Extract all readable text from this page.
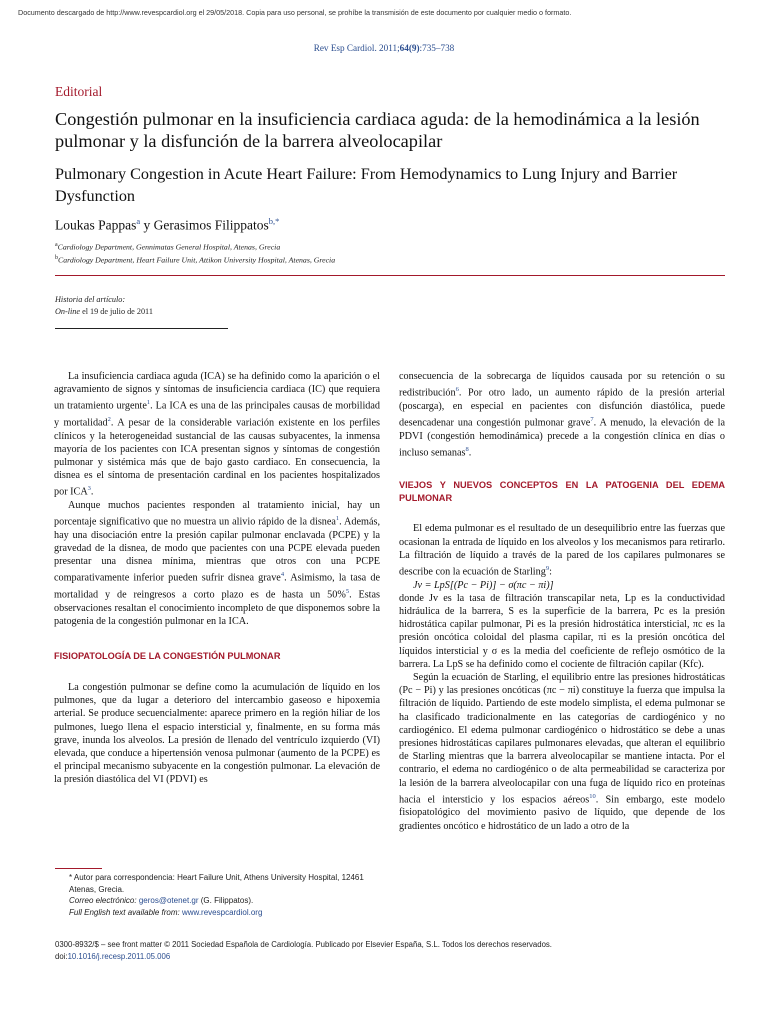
Documento descargado de http://www.revespcardiol.org el 29/05/2018. Copia para uso personal, se prohíbe la transmisión de este documento por cualquier medio o formato.
Rev Esp Cardiol. 2011;64(9):735–738
Editorial
Congestión pulmonar en la insuficiencia cardiaca aguda: de la hemodinámica a la lesión pulmonar y la disfunción de la barrera alveolocapilar
Pulmonary Congestion in Acute Heart Failure: From Hemodynamics to Lung Injury and Barrier Dysfunction
Loukas Pappas$^a$ y Gerasimos Filippatos$^{b,*}$
$^a$Cardiology Department, Gennimatas General Hospital, Atenas, Grecia
$^b$Cardiology Department, Heart Failure Unit, Attikon University Hospital, Atenas, Grecia
Historia del artículo:
On-line el 19 de julio de 2011

La insuficiencia cardiaca aguda (ICA) se ha definido como la aparición o el agravamiento de signos y síntomas de insuficiencia cardiaca (IC) que requiera un tratamiento urgente$^1$. La ICA es una de las principales causas de morbilidad y mortalidad$^2$. A pesar de la considerable variación existente en los perfiles clínicos y la heterogeneidad sustancial de las causas subyacentes, la inmensa mayoría de los pacientes con ICA presentan signos y síntomas de congestión pulmonar y sistémica más que de bajo gasto cardiaco. En consecuencia, la disnea es el síntoma de presentación cardinal en los pacientes hospitalizados por ICA$^3$.

Aunque muchos pacientes responden al tratamiento inicial, hay un porcentaje significativo que no muestra un alivio rápido de la disnea$^1$. Además, hay una disociación entre la presión capilar pulmonar enclavada (PCPE) y la gravedad de la disnea, de modo que pacientes con una PCPE elevada pueden presentar una disnea mínima, mientras que otros con una PCPE comparativamente inferior pueden sufrir disnea grave$^4$. Asimismo, la tasa de mortalidad y de reingresos a corto plazo es de hasta un 50%$^5$. Estas observaciones resaltan el conocimiento incompleto de que disponemos sobre la patogenia de la congestión pulmonar en la ICA.

FISIOPATOLOGÍA DE LA CONGESTIÓN PULMONAR

La congestión pulmonar se define como la acumulación de líquido en los pulmones, que da lugar a deterioro del intercambio gaseoso e hipoxemia arterial. Se produce secuencialmente: aparece primero en la región hiliar de los pulmones, luego llena el espacio intersticial y, finalmente, en su forma más grave, inunda los alveolos. La presión de llenado del ventrículo izquierdo (VI) elevada, que conduce a hipertensión venosa pulmonar (aumento de la PCPE) es el principal mecanismo subyacente en la congestión pulmonar. La elevación de la presión diastólica del VI (PDVI) es

consecuencia de la sobrecarga de líquidos causada por su retención o su redistribución$^6$. Por otro lado, un aumento rápido de la presión arterial (poscarga), en especial en pacientes con disfunción diastólica, puede desencadenar una congestión pulmonar grave$^7$. A menudo, la elevación de la PDVI (congestión hemodinámica) precede a la congestión clínica en días o incluso semanas$^8$.

VIEJOS Y NUEVOS CONCEPTOS EN LA PATOGENIA DEL EDEMA PULMONAR

El edema pulmonar es el resultado de un desequilibrio entre las fuerzas que ocasionan la entrada de líquido en los alveolos y los mecanismos para retirarlo. La filtración de líquido a través de la pared de los capilares pulmonares se describe con la ecuación de Starling$^9$:

Jv = LpS[(Pc − Pi)] − σ(πc − πi)]

donde Jv es la tasa de filtración transcapilar neta, Lp es la conductividad hidráulica de la barrera, S es la superficie de la barrera, Pc es la presión hidrostática capilar pulmonar, Pi es la presión hidrostática intersticial, πc es la presión oncótica coloidal del plasma capilar, πi es la presión oncótica del líquidos intersticial y σ es la media del coeficiente de reflejo osmótico de la barrera. La LpS se ha definido como el cociente de filtración capilar (Kfc).

Según la ecuación de Starling, el equilibrio entre las presiones hidrostáticas (Pc − Pi) y las presiones oncóticas (πc − πi) constituye la fuerza que impulsa la filtración de líquido. Partiendo de este modelo simplista, el edema pulmonar se ha clasificado tradicionalmente en las categorías de cardiogénico y no cardiogénico. El edema pulmonar cardiogénico o hidrostático se debe a unas presiones hidrostáticas capilares pulmonares elevadas, que alteran el equilibrio de Starling mientras que la barrera alveolocapilar se mantiene intacta. Por el contrario, el edema no cardiogénico o de alta permeabilidad se caracteriza por la lesión de la barrera alveolocapilar con una fuga de líquido rico en proteínas hacia el intersticio y los espacios aéreos$^{10}$. Sin embargo, este modelo fisiopatológico del movimiento pasivo de líquido, que depende de los gradientes oncótico e hidrostático de un lado a otro de la

* Autor para correspondencia: Heart Failure Unit, Athens University Hospital, 12461 Atenas, Grecia.
Correo electrónico: geros@otenet.gr (G. Filippatos).
Full English text available from: www.revespcardiol.org
0300-8932/$ – see front matter © 2011 Sociedad Española de Cardiología. Publicado por Elsevier España, S.L. Todos los derechos reservados.
doi:10.1016/j.recesp.2011.05.006
